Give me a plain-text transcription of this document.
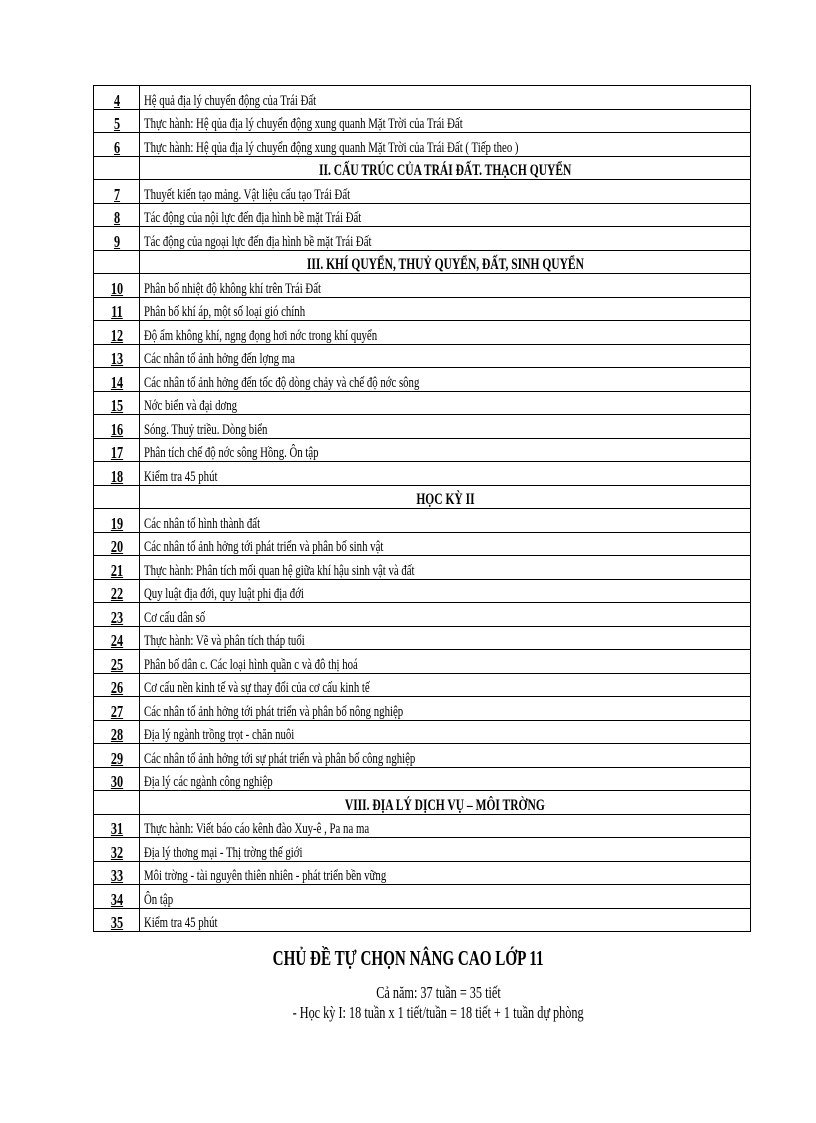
4	Hệ quả địa lý chuyển động của Trái Đất
5	Thực hành: Hệ qủa địa lý chuyển động xung quanh Mặt Trời của Trái Đất
6	Thực hành: Hệ qủa địa lý chuyển động xung quanh Mặt Trời của Trái Đất ( Tiếp theo )
	II. CẤU TRÚC CỦA TRÁI ĐẤT. THẠCH QUYỂN
7	Thuyết kiến tạo mảng. Vật liệu cấu tạo Trái Đất
8	Tác động của nội lực đến địa hình bề mặt Trái Đất
9	Tác động của ngoại lực đến địa hình bề mặt Trái Đất
	III. KHÍ QUYỂN, THUỶ QUYỂN, ĐẤT, SINH QUYỂN
10	Phân bố nhiệt độ không khí trên Trái Đất
11	Phân bố khí áp, một số loại gió chính
12	Độ ẩm không khí, ngng đọng hơi nớc trong khí quyển
13	Các nhân tố ảnh hởng đến lợng ma
14	Các nhân tố ảnh hởng đến tốc độ dòng chảy và chế độ nớc sông
15	Nớc biển và đại dơng
16	Sóng. Thuỷ triều. Dòng biển
17	Phân tích chế độ nớc sông Hồng. Ôn tập
18	Kiểm tra 45 phút
	HỌC KỲ II
19	Các nhân tố hình thành đất
20	Các nhân tố ảnh hởng tới phát triển và phân bố sinh vật
21	Thực hành: Phân tích mối quan hệ giữa khí hậu sinh vật và đất
22	Quy luật địa đới, quy luật phi địa đới
23	Cơ cấu dân số
24	Thực hành: Vẽ và phân tích tháp tuổi
25	Phân bố dân c. Các loại hình quần c và đô thị hoá
26	Cơ cấu nền kinh tế và sự thay đổi của cơ cấu kinh tế
27	Các nhân tố ảnh hởng tới phát triển và phân bố nông nghiệp
28	Địa lý ngành trồng trọt - chăn nuôi
29	Các nhân tố ảnh hởng tới sự phát triển và phân bố công nghiệp
30	Địa lý các ngành công nghiệp
	VIII. ĐỊA LÝ DỊCH VỤ – MÔI TRỜNG
31	Thực hành: Viết báo cáo kênh đào Xuy-ê , Pa na ma
32	Địa lý thơng mại - Thị trờng thế giới
33	Môi trờng - tài nguyên thiên nhiên - phát triển bền vững
34	Ôn tập
35	Kiểm tra 45 phút
CHỦ ĐỀ TỰ CHỌN NÂNG CAO LỚP 11
Cả năm: 37 tuần = 35 tiết
- Học kỳ I: 18 tuần x 1 tiết/tuần = 18 tiết + 1 tuần dự phòng
